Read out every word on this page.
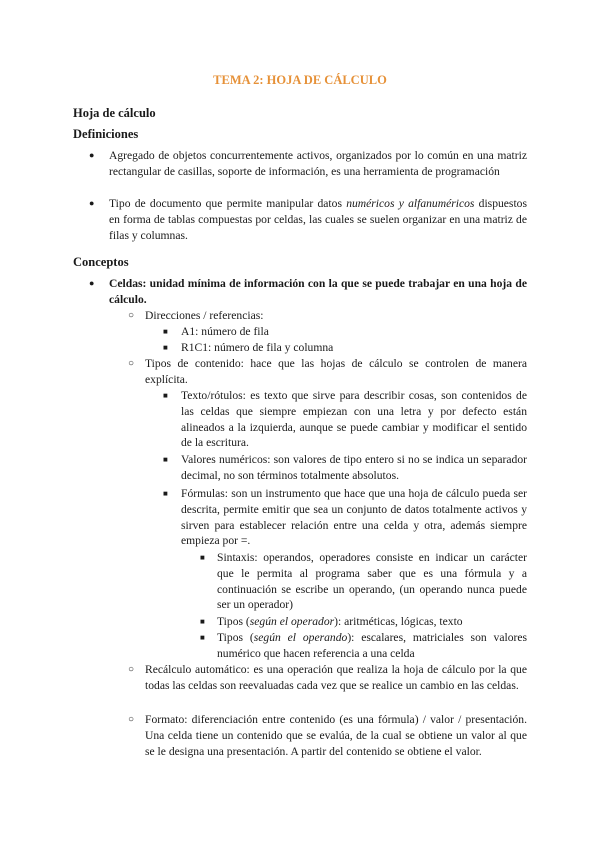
TEMA 2: HOJA DE CÁLCULO
Hoja de cálculo
Definiciones
● Agregado de objetos concurrentemente activos, organizados por lo común en una matriz rectangular de casillas, soporte de información, es una herramienta de programación
● Tipo de documento que permite manipular datos numéricos y alfanuméricos dispuestos en forma de tablas compuestas por celdas, las cuales se suelen organizar en una matriz de filas y columnas.
Conceptos
● Celdas: unidad mínima de información con la que se puede trabajar en una hoja de cálculo.
○ Direcciones / referencias:
■ A1: número de fila
■ R1C1: número de fila y columna
○ Tipos de contenido: hace que las hojas de cálculo se controlen de manera explícita.
■ Texto/rótulos: es texto que sirve para describir cosas, son contenidos de las celdas que siempre empiezan con una letra y por defecto están alineados a la izquierda, aunque se puede cambiar y modificar el sentido de la escritura.
■ Valores numéricos: son valores de tipo entero si no se indica un separador decimal, no son términos totalmente absolutos.
■ Fórmulas: son un instrumento que hace que una hoja de cálculo pueda ser descrita, permite emitir que sea un conjunto de datos totalmente activos y sirven para establecer relación entre una celda y otra, además siempre empieza por =.
■ Sintaxis: operandos, operadores consiste en indicar un carácter que le permita al programa saber que es una fórmula y a continuación se escribe un operando, (un operando nunca puede ser un operador)
■ Tipos (según el operador): aritméticas, lógicas, texto
■ Tipos (según el operando): escalares, matriciales son valores numérico que hacen referencia a una celda
○ Recálculo automático: es una operación que realiza la hoja de cálculo por la que todas las celdas son reevaluadas cada vez que se realice un cambio en las celdas.
○ Formato: diferenciación entre contenido (es una fórmula) / valor / presentación. Una celda tiene un contenido que se evalúa, de la cual se obtiene un valor al que se le designa una presentación. A partir del contenido se obtiene el valor.
